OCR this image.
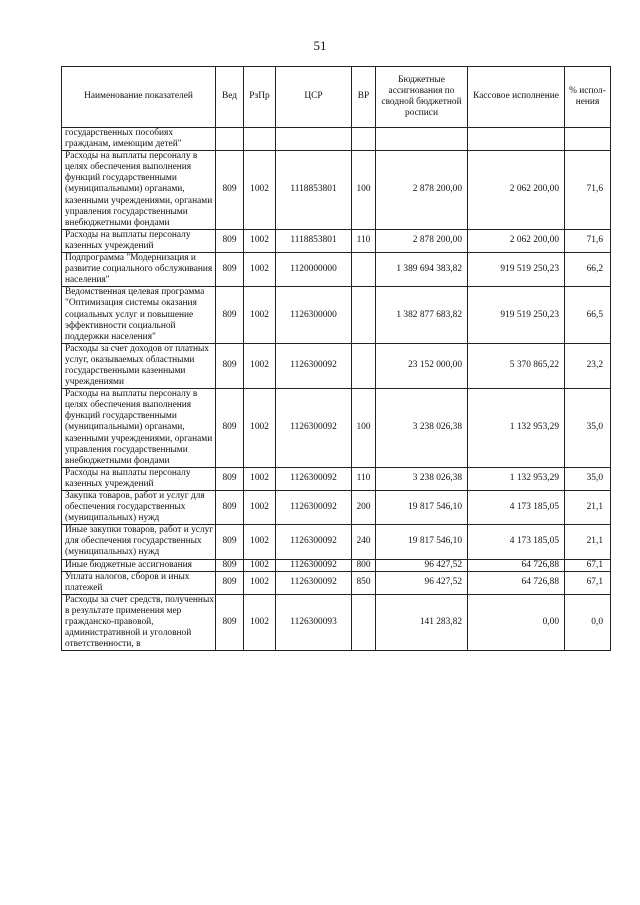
51
Наименование показателей	Вед	РзПр	ЦСР	ВР	Бюджетные ассигнования по сводной бюджетной росписи	Кассовое исполнение	% испол-нения
государственных пособиях гражданам, имеющим детей"							
Расходы на выплаты персоналу в целях обеспечения выполнения функций государственными (муниципальными) органами, казенными учреждениями, органами управления государственными внебюджетными фондами	809	1002	1118853801	100	2 878 200,00	2 062 200,00	71,6
Расходы на выплаты персоналу казенных учреждений	809	1002	1118853801	110	2 878 200,00	2 062 200,00	71,6
Подпрограмма "Модернизация и развитие социального обслуживания населения"	809	1002	1120000000		1 389 694 383,82	919 519 250,23	66,2
Ведомственная целевая программа "Оптимизация системы оказания социальных услуг и повышение эффективности социальной поддержки населения"	809	1002	1126300000		1 382 877 683,82	919 519 250,23	66,5
Расходы за счет доходов от платных услуг, оказываемых областными государственными казенными учреждениями	809	1002	1126300092		23 152 000,00	5 370 865,22	23,2
Расходы на выплаты персоналу в целях обеспечения выполнения функций государственными (муниципальными) органами, казенными учреждениями, органами управления государственными внебюджетными фондами	809	1002	1126300092	100	3 238 026,38	1 132 953,29	35,0
Расходы на выплаты персоналу казенных учреждений	809	1002	1126300092	110	3 238 026,38	1 132 953,29	35,0
Закупка товаров, работ и услуг для обеспечения государственных (муниципальных) нужд	809	1002	1126300092	200	19 817 546,10	4 173 185,05	21,1
Иные закупки товаров, работ и услуг для обеспечения государственных (муниципальных) нужд	809	1002	1126300092	240	19 817 546,10	4 173 185,05	21,1
Иные бюджетные ассигнования	809	1002	1126300092	800	96 427,52	64 726,88	67,1
Уплата налогов, сборов и иных платежей	809	1002	1126300092	850	96 427,52	64 726,88	67,1
Расходы за счет средств, полученных в результате применения мер гражданско-правовой, административной и уголовной ответственности, в	809	1002	1126300093		141 283,82	0,00	0,0
